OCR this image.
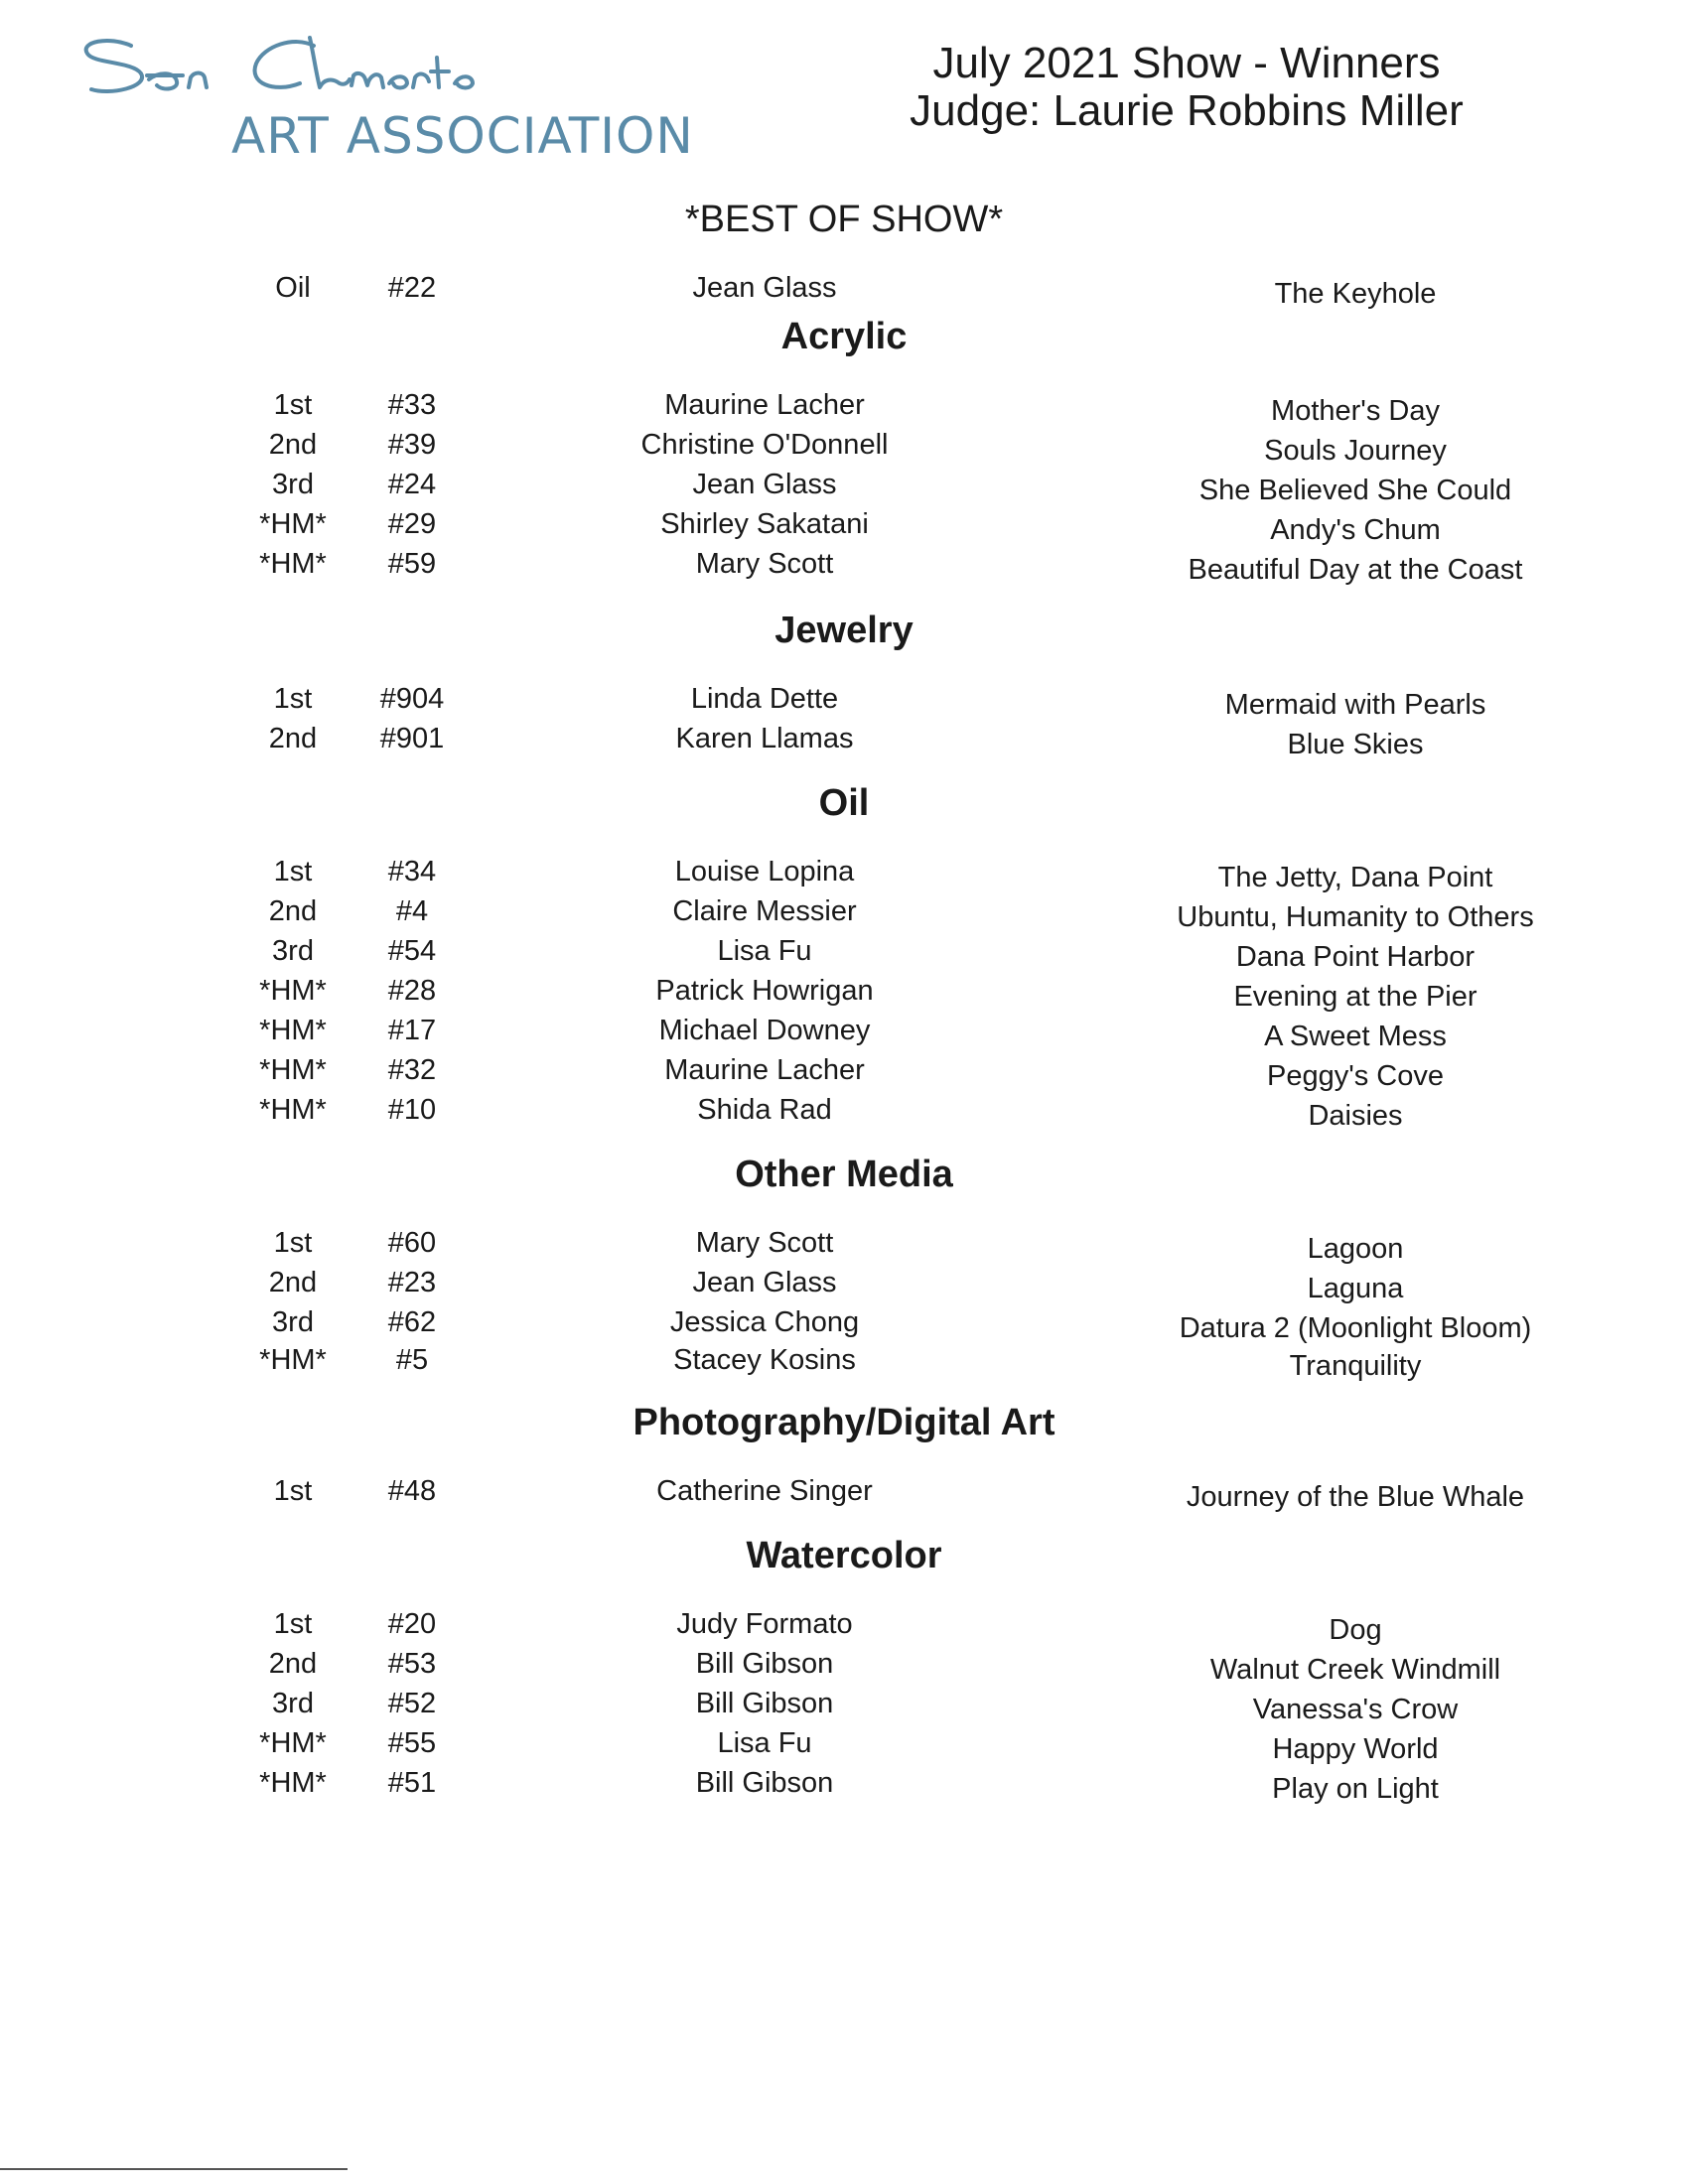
ART ASSOCIATION
July 2021 Show - Winners
Judge: Laurie Robbins Miller
*BEST OF SHOW*
Oil	#22	Jean Glass	The Keyhole
Acrylic
1st	#33	Maurine Lacher	Mother's Day
2nd	#39	Christine O'Donnell	Souls Journey
3rd	#24	Jean Glass	She Believed She Could
*HM*	#29	Shirley Sakatani	Andy's Chum
*HM*	#59	Mary Scott	Beautiful Day at the Coast
Jewelry
1st	#904	Linda Dette	Mermaid with Pearls
2nd	#901	Karen Llamas	Blue Skies
Oil
1st	#34	Louise Lopina	The Jetty, Dana Point
2nd	#4	Claire Messier	Ubuntu, Humanity to Others
3rd	#54	Lisa Fu	Dana Point Harbor
*HM*	#28	Patrick Howrigan	Evening at the Pier
*HM*	#17	Michael Downey	A Sweet Mess
*HM*	#32	Maurine Lacher	Peggy's Cove
*HM*	#10	Shida Rad	Daisies
Other Media
1st	#60	Mary Scott	Lagoon
2nd	#23	Jean Glass	Laguna
3rd	#62	Jessica Chong	Datura 2 (Moonlight Bloom)
*HM*	#5	Stacey Kosins	Tranquility
Photography/Digital Art
1st	#48	Catherine Singer	Journey of the Blue Whale
Watercolor
1st	#20	Judy Formato	Dog
2nd	#53	Bill Gibson	Walnut Creek Windmill
3rd	#52	Bill Gibson	Vanessa's Crow
*HM*	#55	Lisa Fu	Happy World
*HM*	#51	Bill Gibson	Play on Light
